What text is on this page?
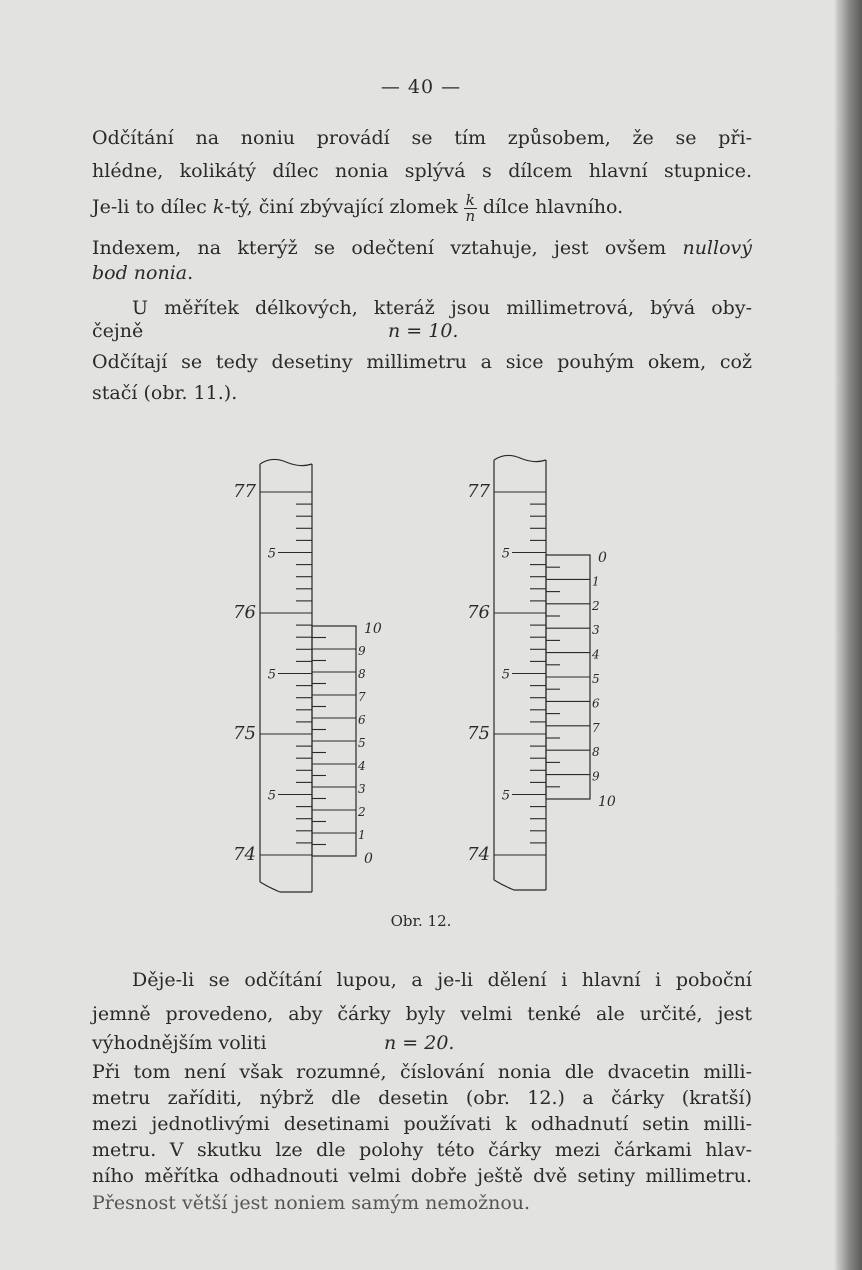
— 40 —
Odčítání na noniu provádí se tím způsobem, že se při-
hlédne, kolikátý dílec nonia splývá s dílcem hlavní stupnice.
Je-li to dílec k-tý, činí zbývající zlomek $\frac{k}{n}$ dílce hlavního.
Indexem, na kterýž se odečtení vztahuje, jest ovšem nullový
bod nonia.
U měřítek délkových, kteráž jsou millimetrová, bývá oby-
čejně	n = 10.
Odčítají se tedy desetiny millimetru a sice pouhým okem, což
stačí (obr. 11.).
77
5
76
5
75
5
74
10
9
8
7
6
5
4
3
2
1
0
77
5
76
5
75
5
74
0
1
2
3
4
5
6
7
8
9
10
Obr. 12.
Děje-li se odčítání lupou, a je-li dělení i hlavní i poboční
jemně provedeno, aby čárky byly velmi tenké ale určité, jest
výhodnějším voliti	n = 20.
Při tom není však rozumné, číslování nonia dle dvacetin milli-
metru zaříditi, nýbrž dle desetin (obr. 12.) a čárky (kratší)
mezi jednotlivými desetinami používati k odhadnutí setin milli-
metru. V skutku lze dle polohy této čárky mezi čárkami hlav-
ního měřítka odhadnouti velmi dobře ještě dvě setiny millimetru.
Přesnost větší jest noniem samým nemožnou.
